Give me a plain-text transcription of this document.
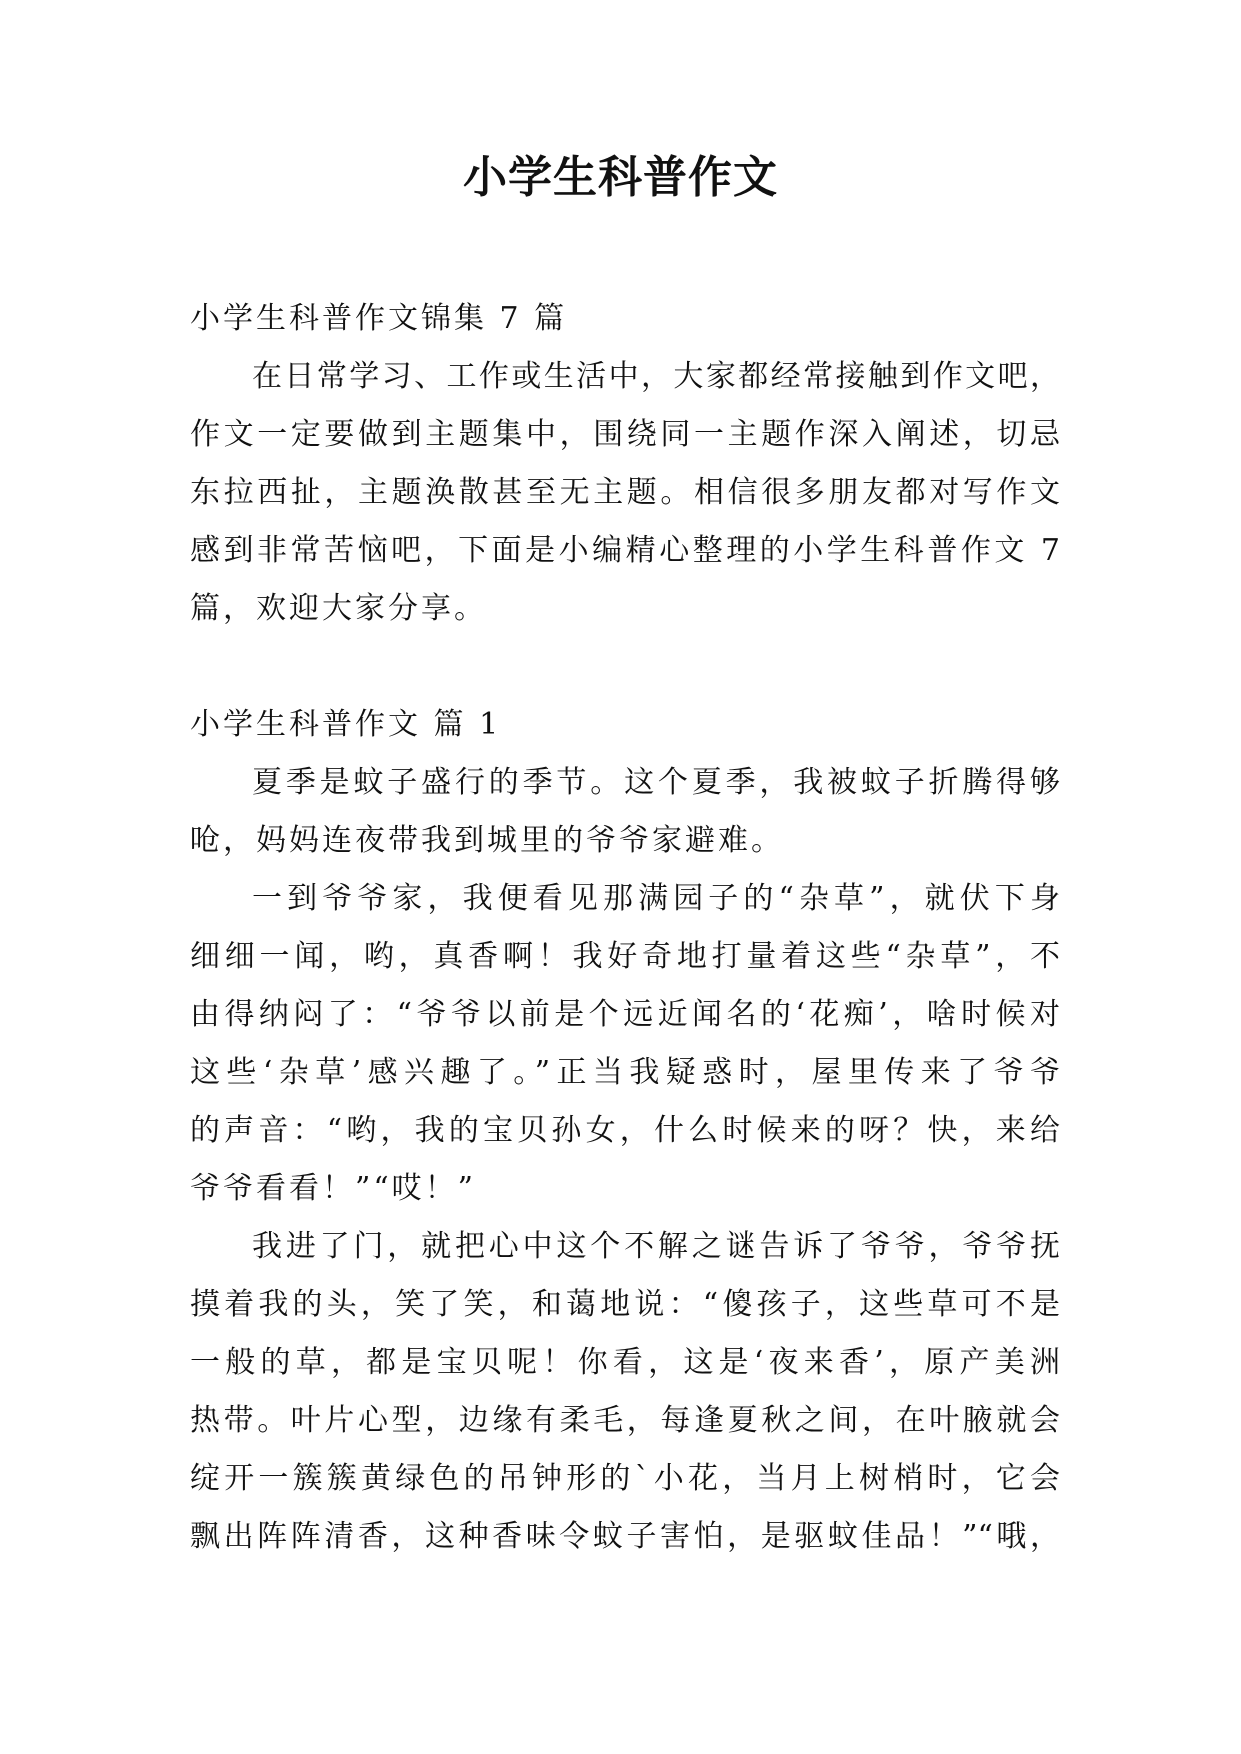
小学生科普作文
小学生科普作文锦集 7 篇
在日常学习、工作或生活中，大家都经常接触到作文吧，
作文一定要做到主题集中，围绕同一主题作深入阐述，切忌
东拉西扯，主题涣散甚至无主题。相信很多朋友都对写作文
感到非常苦恼吧，下面是小编精心整理的小学生科普作文 7
篇，欢迎大家分享。
小学生科普作文 篇 1
夏季是蚊子盛行的季节。这个夏季，我被蚊子折腾得够
呛，妈妈连夜带我到城里的爷爷家避难。
一到爷爷家，我便看见那满园子的“杂草”，就伏下身
细细一闻，哟，真香啊！我好奇地打量着这些“杂草”，不
由得纳闷了：“爷爷以前是个远近闻名的‘花痴’，啥时候对
这些‘杂草’感兴趣了。”正当我疑惑时，屋里传来了爷爷
的声音：“哟，我的宝贝孙女，什么时候来的呀？快，来给
爷爷看看！”“哎！”
我进了门，就把心中这个不解之谜告诉了爷爷，爷爷抚
摸着我的头，笑了笑，和蔼地说：“傻孩子，这些草可不是
一般的草，都是宝贝呢！你看，这是‘夜来香’，原产美洲
热带。叶片心型，边缘有柔毛，每逢夏秋之间，在叶腋就会
绽开一簇簇黄绿色的吊钟形的`小花，当月上树梢时，它会
飘出阵阵清香，这种香味令蚊子害怕，是驱蚊佳品！”“哦，
